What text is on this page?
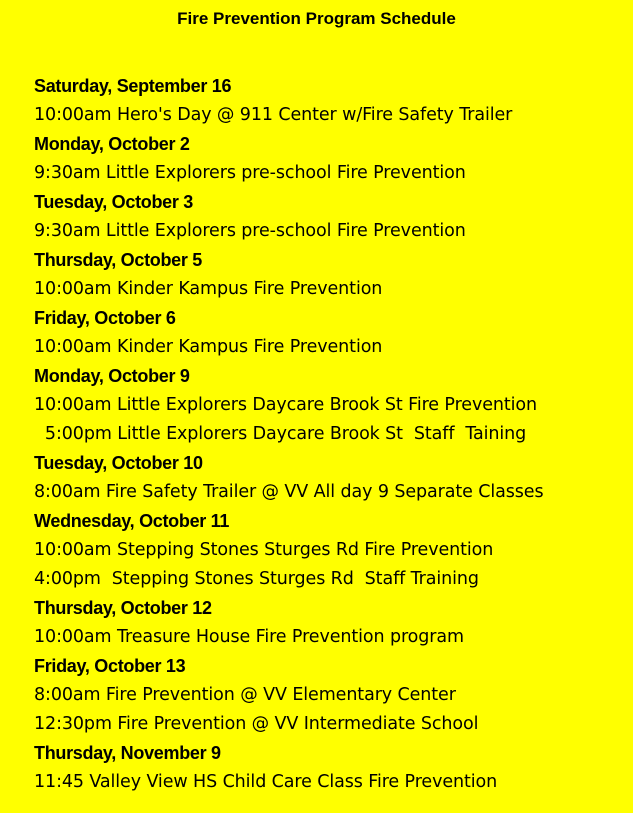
Fire Prevention Program Schedule
Saturday, September 16
10:00am Hero's Day @ 911 Center w/Fire Safety Trailer
Monday, October 2
9:30am Little Explorers pre-school Fire Prevention
Tuesday, October 3
9:30am Little Explorers pre-school Fire Prevention
Thursday, October 5
10:00am Kinder Kampus Fire Prevention
Friday, October 6
10:00am Kinder Kampus Fire Prevention
Monday, October 9
10:00am Little Explorers Daycare Brook St Fire Prevention
5:00pm Little Explorers Daycare Brook St  Staff  Taining
Tuesday, October 10
8:00am Fire Safety Trailer @ VV All day 9 Separate Classes
Wednesday, October 11
10:00am Stepping Stones Sturges Rd Fire Prevention
4:00pm  Stepping Stones Sturges Rd  Staff Training
Thursday, October 12
10:00am Treasure House Fire Prevention program
Friday, October 13
8:00am Fire Prevention @ VV Elementary Center
12:30pm Fire Prevention @ VV Intermediate School
Thursday, November 9
11:45 Valley View HS Child Care Class Fire Prevention
